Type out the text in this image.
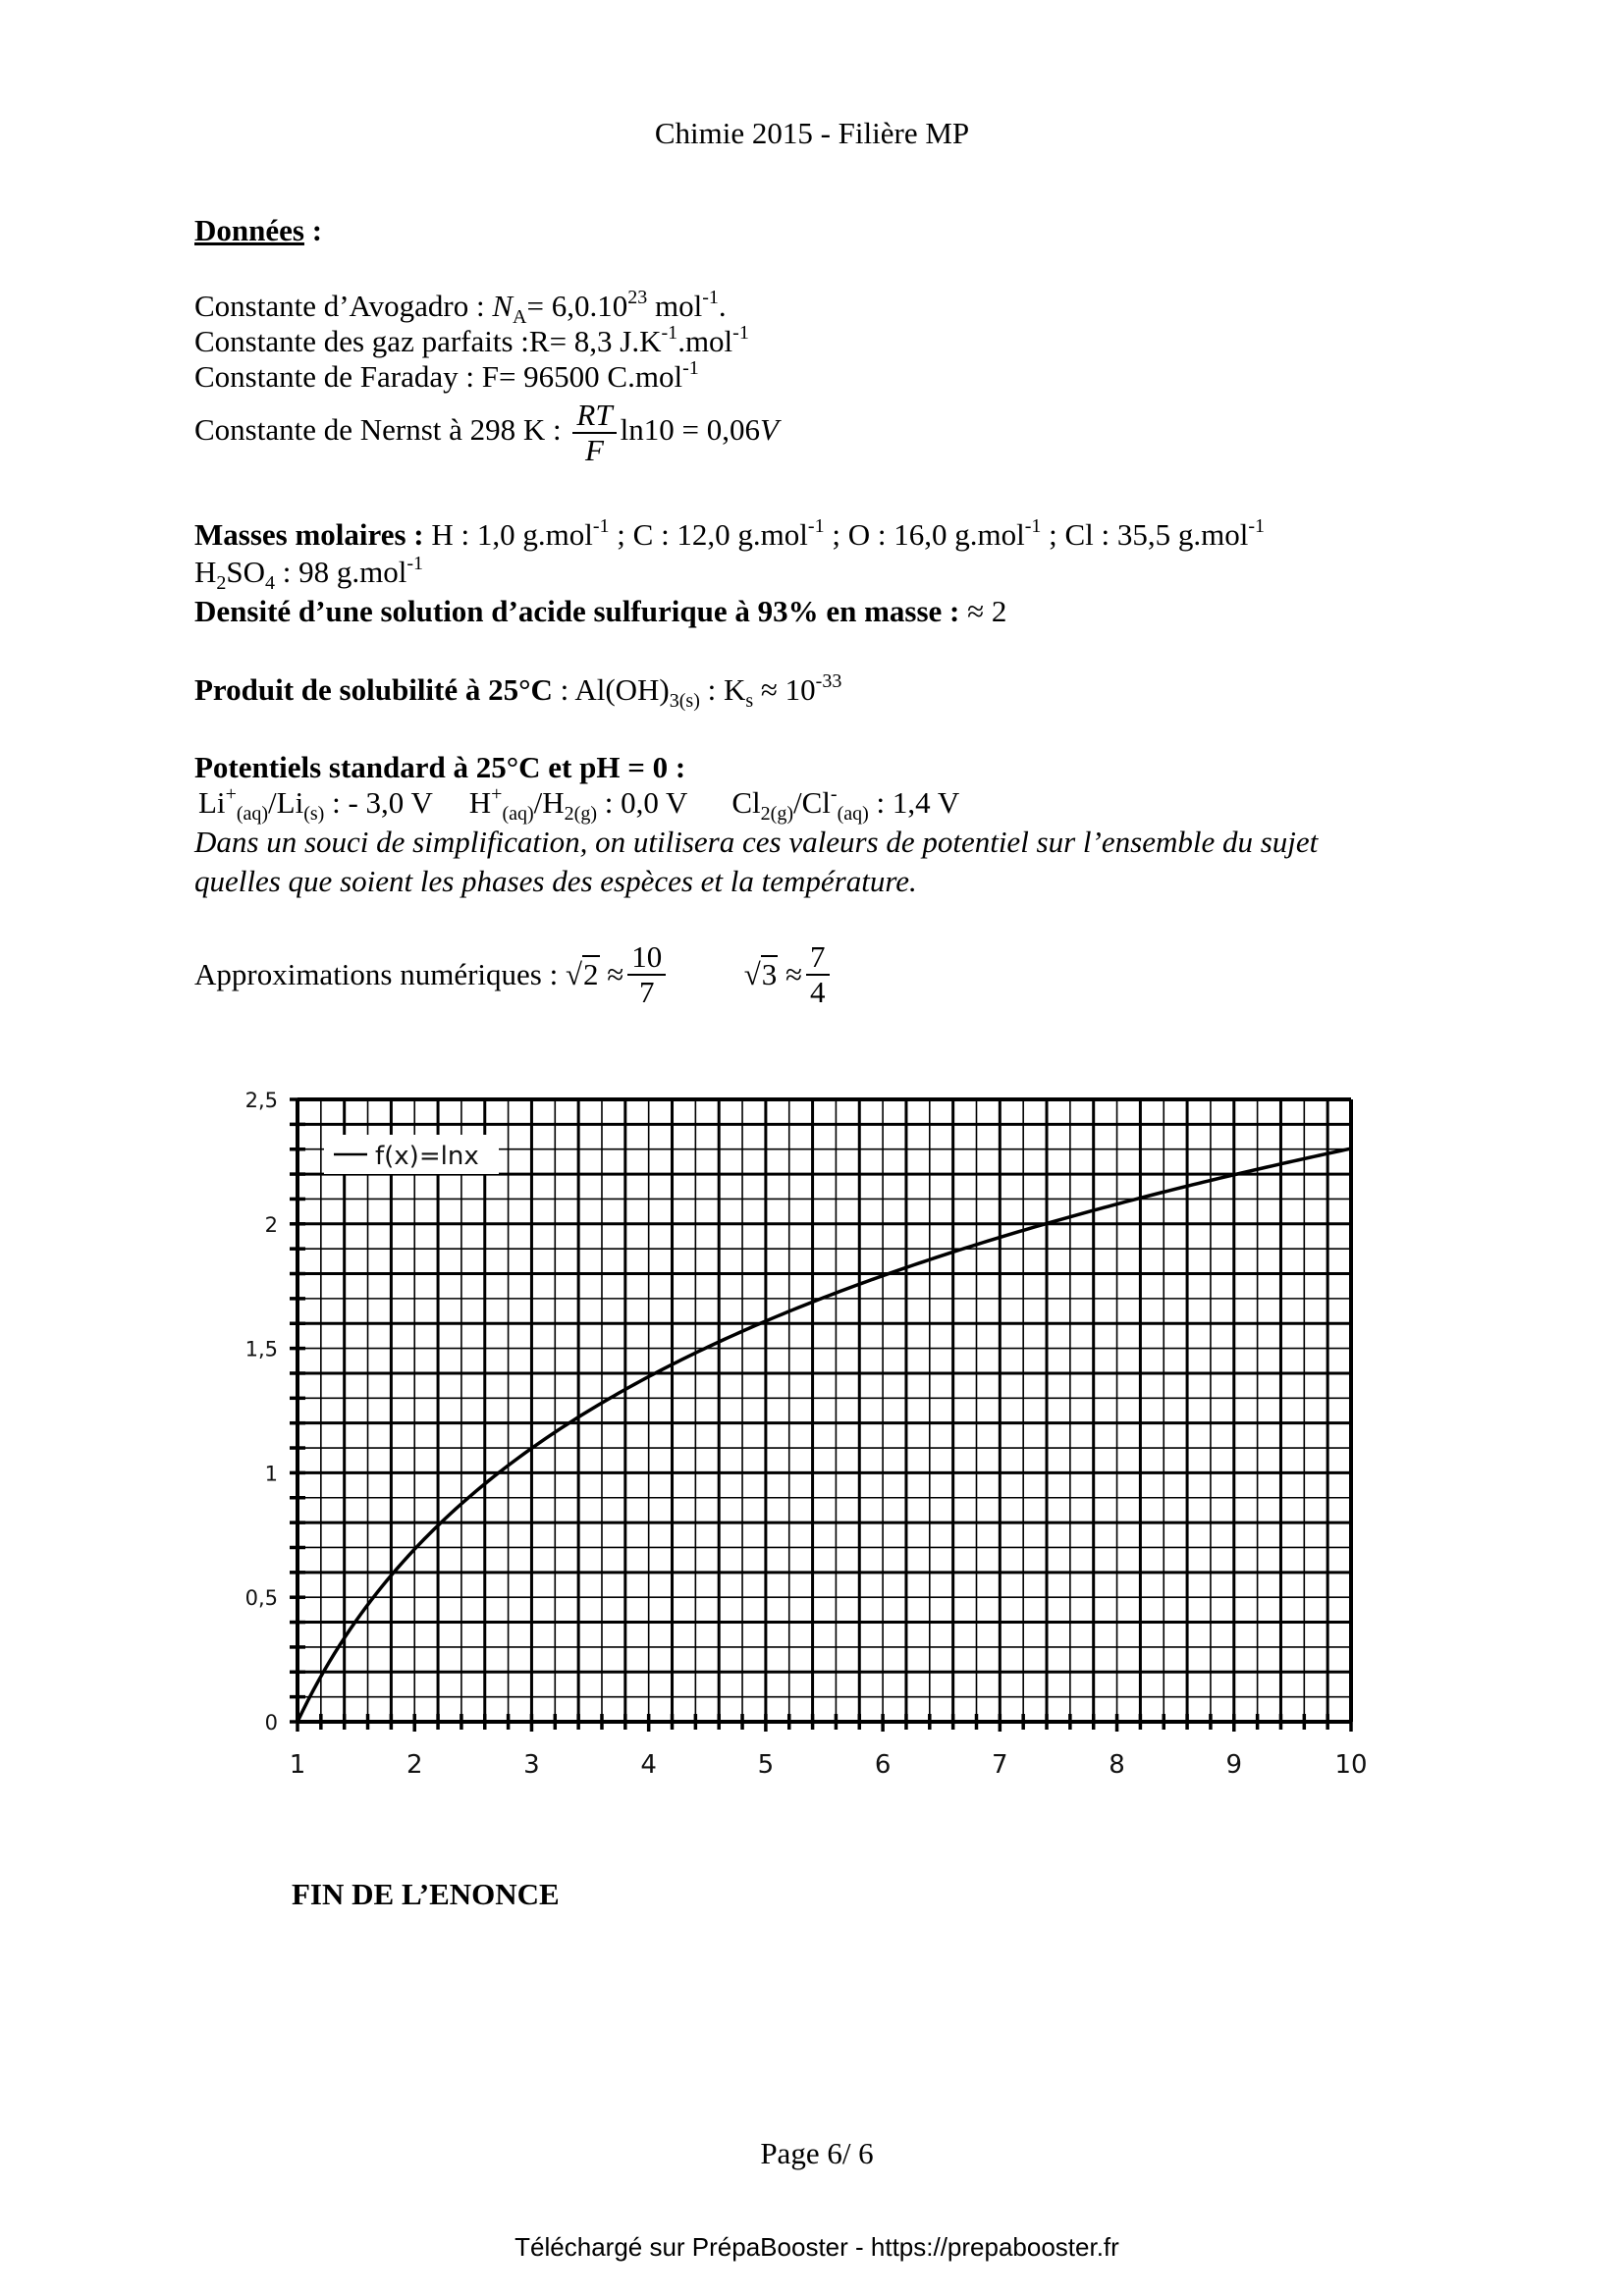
Chimie 2015 - Filière MP
Données :
Constante d’Avogadro : $N_A= 6,0.10^{23}$ mol$^{-1}$.
Constante des gaz parfaits :R= 8,3 $J.K^{-1}.mol^{-1}$
Constante de Faraday : F= 96500 C.mol$^{-1}$
Constante de Nernst à 298 K : $\frac{RT}{F} \ln 10 = 0,06V$
Masses molaires : H : 1,0 g.mol$^{-1}$ ; C : 12,0 g.mol$^{-1}$ ; O : 16,0 g.mol$^{-1}$ ; Cl : 35,5 g.mol$^{-1}$
$H_2SO_4$ : 98 g.mol$^{-1}$
Densité d’une solution d’acide sulfurique à 93% en masse : ≈ 2
Produit de solubilité à 25°C : $Al(OH)_{3(s)}$ : $K_s \approx 10^{-33}$
Potentiels standard à 25°C et pH = 0 :
$Li^+_{(aq)}/Li_{(s)}$ : - 3,0 V $H^+_{(aq)}/H_{2(g)}$ : 0,0 V $Cl_{2(g)}/Cl^-_{(aq)}$ : 1,4 V
Dans un souci de simplification, on utilisera ces valeurs de potentiel sur l’ensemble du sujet
quelles que soient les phases des espèces et la température.
Approximations numériques : $√2 \approx \frac{10}{7}$	$√3 \approx \frac{7}{4}$
1	2	3	4	5	6	7	8	9	10
0
0,5
1
1,5
2
2,5
f(x)=lnx
FIN DE L’ENONCE
Page 6/ 6
Téléchargé sur PrépaBooster - https://prepabooster.fr
